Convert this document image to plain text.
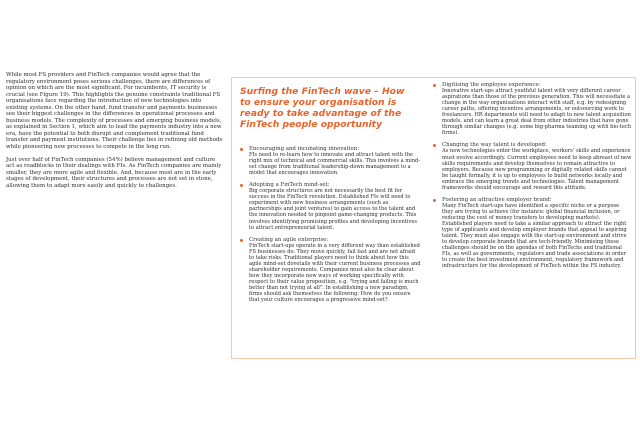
While most FS providers and FinTech companies would agree that the regulatory environment poses serious challenges, there are differences of opinion on which are the most significant. For incumbents, IT security is crucial (see Figure 19). This highlights the genuine constraints traditional FS organisations face regarding the introduction of new technologies into existing systems. On the other hand, fund transfer and payments businesses see their biggest challenges in the differences in operational processes and business models. The complexity of processes and emerging business models, as explained in Section 1, which aim to lead the payments industry into a new era, have the potential to both disrupt and complement traditional fund transfer and payment institutions. Their challenge lies in refining old methods while pioneering new processes to compete in the long run.

Just over half of FinTech companies (54%) believe management and culture act as roadblocks in their dealings with FIs. As FinTech companies are mainly smaller, they are more agile and flexible. And, because most are in the early stages of development, their structures and processes are not set in stone, allowing them to adapt more easily and quickly to challenges.

Surfing the FinTech wave – How to ensure your organisation is ready to take advantage of the FinTech people opportunity
Encouraging and incubating innovation:
FIs need to re-learn how to innovate and attract talent with the right mix of technical and commercial skills. This involves a mind-set change from traditional leadership-down management to a model that encourages innovation.
Adopting a FinTech mind-set:
Big corporate structures are not necessarily the best fit for success in the FinTech revolution. Established FIs will need to experiment with new business arrangements (such as partnerships and joint ventures) to gain access to the talent and the innovation needed to pinpoint game-changing products. This involves identifying promising profiles and developing incentives to attract entrepreneurial talent.
Creating an agile enterprise:
FinTech start-ups operate in a very different way than established FS businesses do. They move quickly, fail fast and are not afraid to take risks. Traditional players need to think about how this agile mind-set dovetails with their current business processes and shareholder requirements. Companies must also be clear about how they incorporate new ways of working specifically with respect to their value proposition, e.g. "trying and failing is much better than not trying at all". In establishing a new paradigm, firms should ask themselves the following: How do you ensure that your culture encourages a progressive mind-set?
Digitising the employee experience:
Innovative start-ups attract youthful talent with very different career aspirations than those of the previous generation. This will necessitate a change in the way organisations interact with staff, e.g. by redesigning career paths, offering incentive arrangements, or outsourcing work to freelancers. HR departments will need to adapt to new talent acquisition models, and can learn a great deal from other industries that have gone through similar changes (e.g. some big-pharma teaming up with bio-tech firms).
Changing the way talent is developed:
As new technologies enter the workplace, workers' skills and experience must evolve accordingly. Current employees need to keep abreast of new skills requirements and develop themselves to remain attractive to employers. Because new programming or digitally related skills cannot be taught formally, it is up to employees to build networks locally and embrace the emerging trends and technologies. Talent management frameworks should encourage and reward this attitude.
Fostering an attractive employer brand:
Many FinTech start-ups have identified a specific niche or a purpose they are trying to achieve (for instance: global financial inclusion, or reducing the cost of money transfers to developing markets). Established players need to take a similar approach to attract the right type of applicants and develop employer brands that appeal to aspiring talent. They must also engage with the start-up environment and strive to develop corporate brands that are tech-friendly. Minimising these challenges should be on the agendas of both FinTechs and traditional FIs, as well as governments, regulators and trade associations in order to create the best investment environment, regulatory framework and infrastructure for the development of FinTech within the FS industry.
